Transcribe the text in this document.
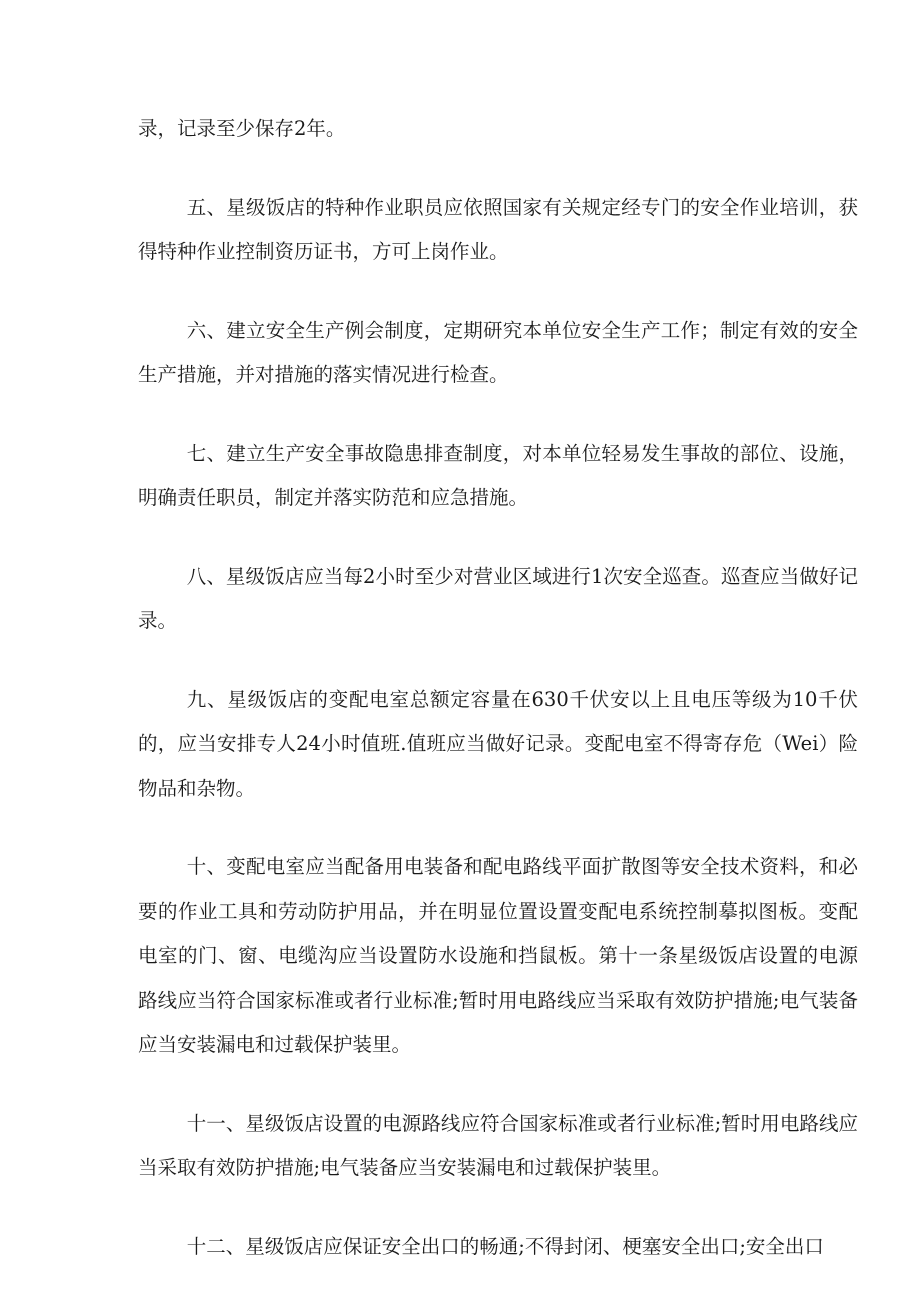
录，记录至少保存2年。

五、星级饭店的特种作业职员应依照国家有关规定经专门的安全作业培训，获得特种作业控制资历证书，方可上岗作业。

六、建立安全生产例会制度，定期研究本单位安全生产工作；制定有效的安全生产措施，并对措施的落实情况进行检查。

七、建立生产安全事故隐患排查制度，对本单位轻易发生事故的部位、设施，明确责任职员，制定并落实防范和应急措施。

八、星级饭店应当每2小时至少对营业区域进行1次安全巡查。巡查应当做好记录。

九、星级饭店的变配电室总额定容量在630千伏安以上且电压等级为10千伏的，应当安排专人24小时值班.值班应当做好记录。变配电室不得寄存危（Wei）险物品和杂物。

十、变配电室应当配备用电装备和配电路线平面扩散图等安全技术资料，和必要的作业工具和劳动防护用品，并在明显位置设置变配电系统控制摹拟图板。变配电室的门、窗、电缆沟应当设置防水设施和挡鼠板。第十一条星级饭店设置的电源路线应当符合国家标准或者行业标准;暂时用电路线应当采取有效防护措施;电气装备应当安装漏电和过载保护装里。

十一、星级饭店设置的电源路线应符合国家标准或者行业标准;暂时用电路线应当采取有效防护措施;电气装备应当安装漏电和过载保护装里。

十二、星级饭店应保证安全出口的畅通;不得封闭、梗塞安全出口;安全出口
